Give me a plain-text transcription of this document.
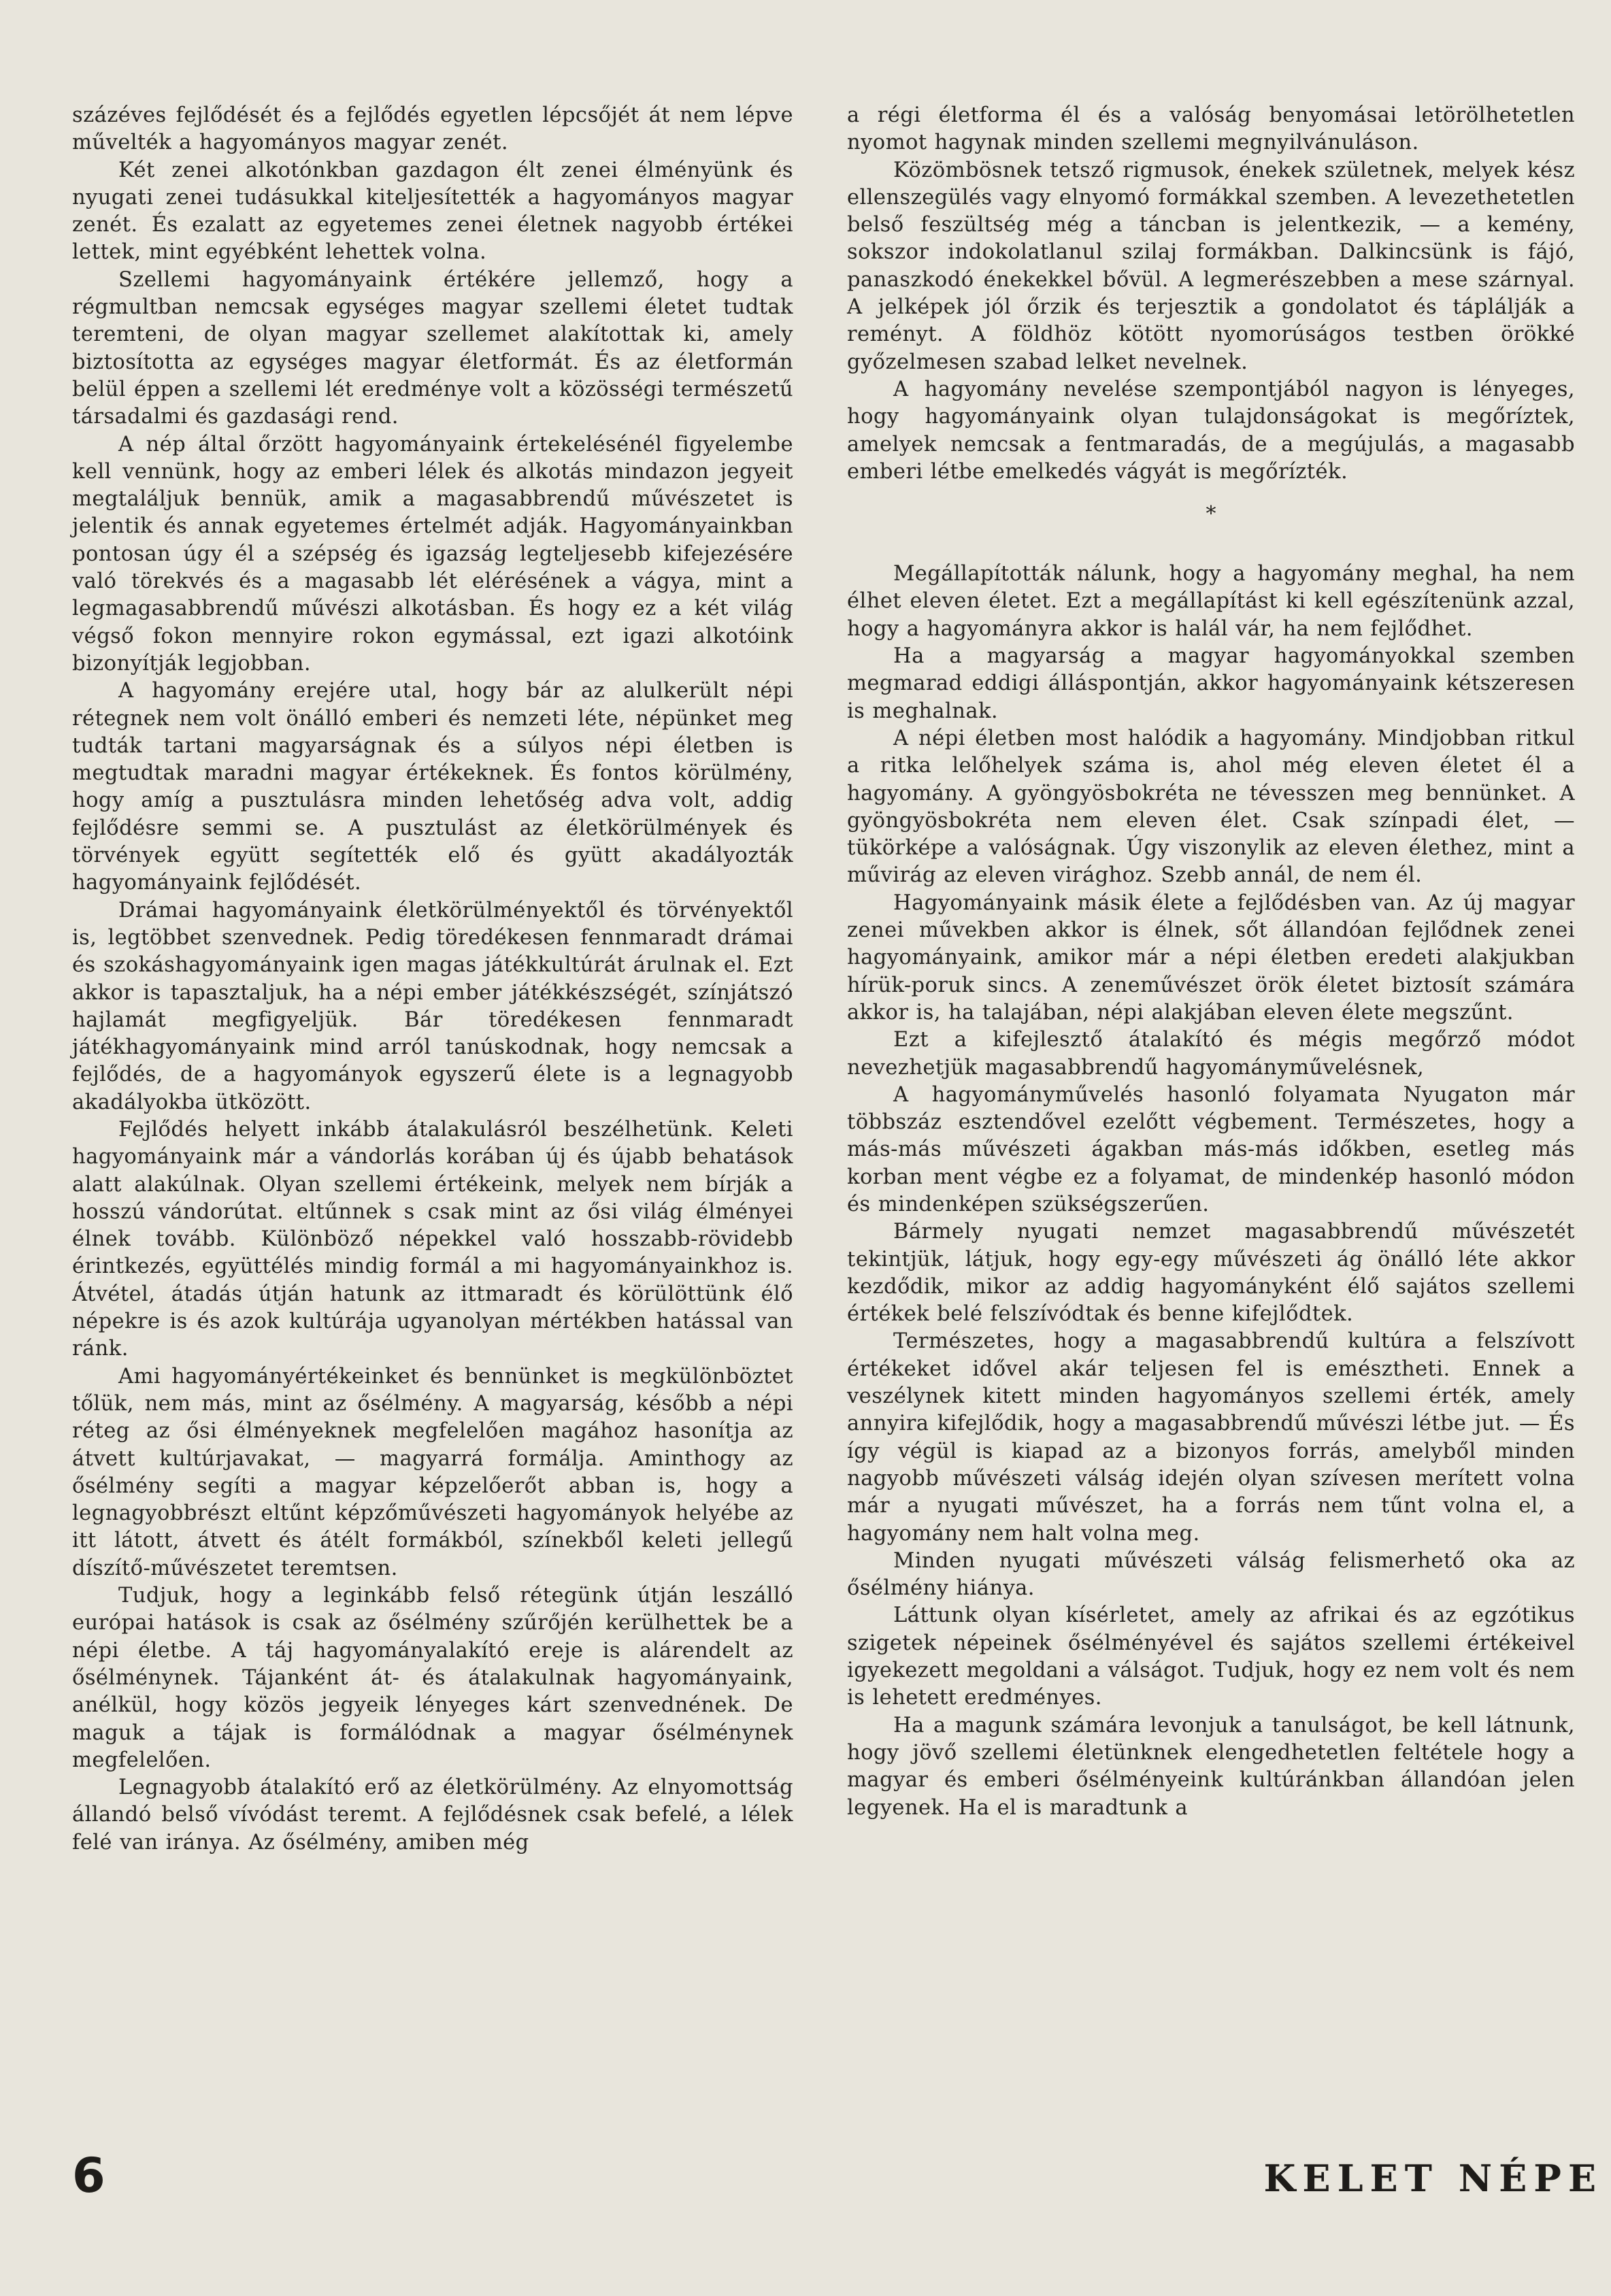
százéves fejlődését és a fejlődés egyetlen lépcsőjét át nem lépve művelték a hagyományos magyar zenét.

Két zenei alkotónkban gazdagon élt zenei élményünk és nyugati zenei tudásukkal kiteljesítették a hagyományos magyar zenét. És ezalatt az egyetemes zenei életnek nagyobb értékei lettek, mint egyébként lehettek volna.

Szellemi hagyományaink értékére jellemző, hogy a régmultban nemcsak egységes magyar szellemi életet tudtak teremteni, de olyan magyar szellemet alakítottak ki, amely biztosította az egységes magyar életformát. És az életformán belül éppen a szellemi lét eredménye volt a közösségi természetű társadalmi és gazdasági rend.

A nép által őrzött hagyományaink értekelésénél figyelembe kell vennünk, hogy az emberi lélek és alkotás mindazon jegyeit megtaláljuk bennük, amik a magasabbrendű művészetet is jelentik és annak egyetemes értelmét adják. Hagyományainkban pontosan úgy él a szépség és igazság legteljesebb kifejezésére való törekvés és a magasabb lét elérésének a vágya, mint a legmagasabbrendű művészi alkotásban. És hogy ez a két világ végső fokon mennyire rokon egymással, ezt igazi alkotóink bizonyítják legjobban.

A hagyomány erejére utal, hogy bár az alulkerült népi rétegnek nem volt önálló emberi és nemzeti léte, népünket meg tudták tartani magyarságnak és a súlyos népi életben is megtudtak maradni magyar értékeknek. És fontos körülmény, hogy amíg a pusztulásra minden lehetőség adva volt, addig fejlődésre semmi se. A pusztulást az életkörülmények és törvények együtt segítették elő és gyütt akadályozták hagyományaink fejlődését.

Drámai hagyományaink életkörülményektől és törvényektől is, legtöbbet szenvednek. Pedig töredékesen fennmaradt drámai és szokáshagyományaink igen magas játékkultúrát árulnak el. Ezt akkor is tapasztaljuk, ha a népi ember játékkészségét, színjátszó hajlamát megfigyeljük. Bár töredékesen fennmaradt játékhagyományaink mind arról tanúskodnak, hogy nemcsak a fejlődés, de a hagyományok egyszerű élete is a legnagyobb akadályokba ütközött.

Fejlődés helyett inkább átalakulásról beszélhetünk. Keleti hagyományaink már a vándorlás korában új és újabb behatások alatt alakúlnak. Olyan szellemi értékeink, melyek nem bírják a hosszú vándorútat. eltűnnek s csak mint az ősi világ élményei élnek tovább. Különböző népekkel való hosszabb-rövidebb érintkezés, együttélés mindig formál a mi hagyományainkhoz is. Átvétel, átadás útján hatunk az ittmaradt és körülöttünk élő népekre is és azok kultúrája ugyanolyan mértékben hatással van ránk.

Ami hagyományértékeinket és bennünket is megkülönböztet tőlük, nem más, mint az ősélmény. A magyarság, később a népi réteg az ősi élményeknek megfelelően magához hasonítja az átvett kultúrjavakat, — magyarrá formálja. Aminthogy az ősélmény segíti a magyar képzelőerőt abban is, hogy a legnagyobbrészt eltűnt képzőművészeti hagyományok helyébe az itt látott, átvett és átélt formákból, színekből keleti jellegű díszítő-művészetet teremtsen.

Tudjuk, hogy a leginkább felső rétegünk útján leszálló európai hatások is csak az ősélmény szűrőjén kerülhettek be a népi életbe. A táj hagyományalakító ereje is alárendelt az ősélménynek. Tájanként át- és átalakulnak hagyományaink, anélkül, hogy közös jegyeik lényeges kárt szenvednének. De maguk a tájak is formálódnak a magyar ősélménynek megfelelően.

Legnagyobb átalakító erő az életkörülmény. Az elnyomottság állandó belső vívódást teremt. A fejlődésnek csak befelé, a lélek felé van iránya. Az ősélmény, amiben még

a régi életforma él és a valóság benyomásai letörölhetetlen nyomot hagynak minden szellemi megnyilvánuláson.

Közömbösnek tetsző rigmusok, énekek születnek, melyek kész ellenszegülés vagy elnyomó formákkal szemben. A levezethetetlen belső feszültség még a táncban is jelentkezik, — a kemény, sokszor indokolatlanul szilaj formákban. Dalkincsünk is fájó, panaszkodó énekekkel bővül. A legmerészebben a mese szárnyal. A jelképek jól őrzik és terjesztik a gondolatot és táplálják a reményt. A földhöz kötött nyomorúságos testben örökké győzelmesen szabad lelket nevelnek.

A hagyomány nevelése szempontjából nagyon is lényeges, hogy hagyományaink olyan tulajdonságokat is megőríztek, amelyek nemcsak a fentmaradás, de a megújulás, a magasabb emberi létbe emelkedés vágyát is megőrízték.

*

Megállapították nálunk, hogy a hagyomány meghal, ha nem élhet eleven életet. Ezt a megállapítást ki kell egészítenünk azzal, hogy a hagyományra akkor is halál vár, ha nem fejlődhet.

Ha a magyarság a magyar hagyományokkal szemben megmarad eddigi álláspontján, akkor hagyományaink kétszeresen is meghalnak.

A népi életben most halódik a hagyomány. Mindjobban ritkul a ritka lelőhelyek száma is, ahol még eleven életet él a hagyomány. A gyöngyösbokréta ne tévesszen meg bennünket. A gyöngyösbokréta nem eleven élet. Csak színpadi élet, — tükörképe a valóságnak. Úgy viszonylik az eleven élethez, mint a művirág az eleven virághoz. Szebb annál, de nem él.

Hagyományaink másik élete a fejlődésben van. Az új magyar zenei művekben akkor is élnek, sőt állandóan fejlődnek zenei hagyományaink, amikor már a népi életben eredeti alakjukban hírük-poruk sincs. A zeneművészet örök életet biztosít számára akkor is, ha talajában, népi alakjában eleven élete megszűnt.

Ezt a kifejlesztő átalakító és mégis megőrző módot nevezhetjük magasabbrendű hagyományművelésnek,

A hagyományművelés hasonló folyamata Nyugaton már többszáz esztendővel ezelőtt végbement. Természetes, hogy a más-más művészeti ágakban más-más időkben, esetleg más korban ment végbe ez a folyamat, de mindenkép hasonló módon és mindenképen szükségszerűen.

Bármely nyugati nemzet magasabbrendű művészetét tekintjük, látjuk, hogy egy-egy művészeti ág önálló léte akkor kezdődik, mikor az addig hagyományként élő sajátos szellemi értékek belé felszívódtak és benne kifejlődtek.

Természetes, hogy a magasabbrendű kultúra a felszívott értékeket idővel akár teljesen fel is emésztheti. Ennek a veszélynek kitett minden hagyományos szellemi érték, amely annyira kifejlődik, hogy a magasabbrendű művészi létbe jut. — És így végül is kiapad az a bizonyos forrás, amelyből minden nagyobb művészeti válság idején olyan szívesen merített volna már a nyugati művészet, ha a forrás nem tűnt volna el, a hagyomány nem halt volna meg.

Minden nyugati művészeti válság felismerhető oka az ősélmény hiánya.

Láttunk olyan kísérletet, amely az afrikai és az egzótikus szigetek népeinek ősélményével és sajátos szellemi értékeivel igyekezett megoldani a válságot. Tudjuk, hogy ez nem volt és nem is lehetett eredményes.

Ha a magunk számára levonjuk a tanulságot, be kell látnunk, hogy jövő szellemi életünknek elengedhetetlen feltétele hogy a magyar és emberi ősélményeink kultúránkban állandóan jelen legyenek. Ha el is maradtunk a

6	KELET NÉPE
